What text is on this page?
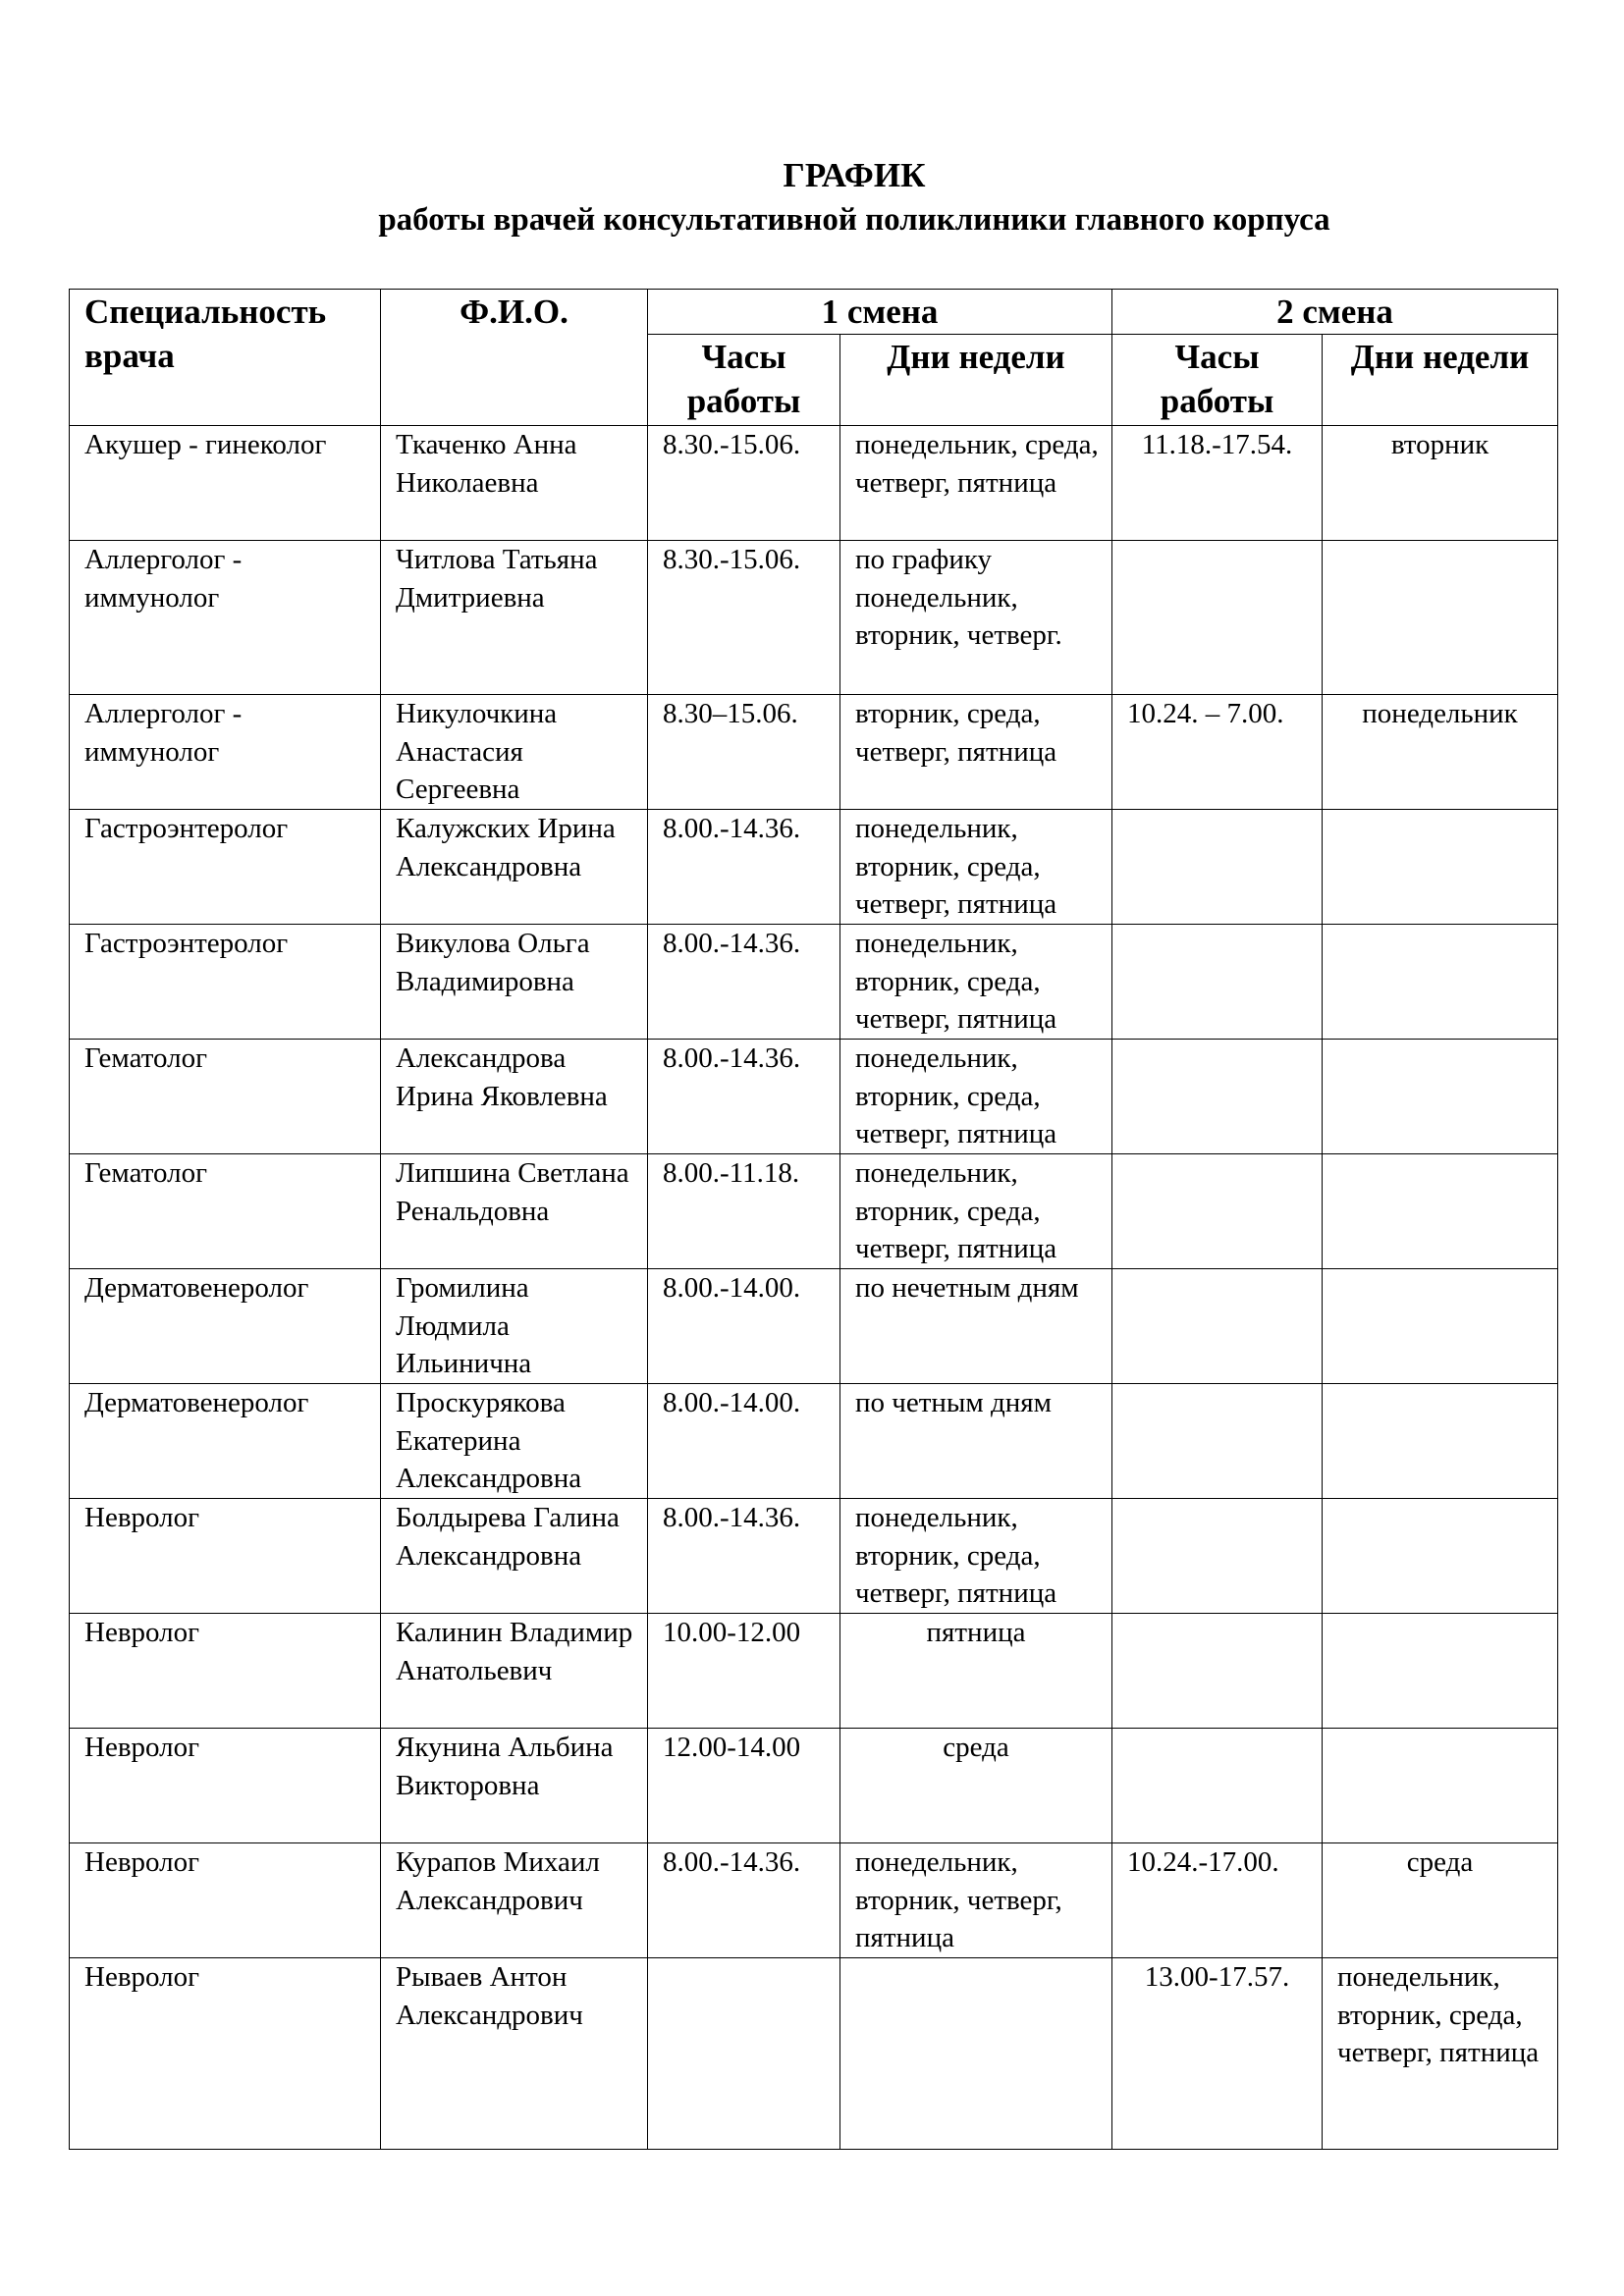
ГРАФИК
работы врачей консультативной поликлиники главного корпуса
Специальность врача	Ф.И.О.	1 смена		2 смена	
		Часы работы	Дни недели	Часы работы	Дни недели
Акушер - гинеколог	Ткаченко Анна Николаевна	8.30.-15.06.	понедельник, среда, четверг, пятница	11.18.-17.54.	вторник
Аллерголог - иммунолог	Читлова Татьяна Дмитриевна	8.30.-15.06.	по графику понедельник, вторник, четверг.		
Аллерголог - иммунолог	Никулочкина Анастасия Сергеевна	8.30–15.06.	вторник, среда, четверг, пятница	10.24. – 7.00.	понедельник
Гастроэнтеролог	Калужских Ирина Александровна	8.00.-14.36.	понедельник, вторник, среда, четверг, пятница		
Гастроэнтеролог	Викулова Ольга Владимировна	8.00.-14.36.	понедельник, вторник, среда, четверг, пятница		
Гематолог	Александрова Ирина Яковлевна	8.00.-14.36.	понедельник, вторник, среда, четверг, пятница		
Гематолог	Липшина Светлана Ренальдовна	8.00.-11.18.	понедельник, вторник, среда, четверг, пятница		
Дерматовенеролог	Громилина Людмила Ильинична	8.00.-14.00.	по нечетным дням		
Дерматовенеролог	Проскурякова Екатерина Александровна	8.00.-14.00.	по четным дням		
Невролог	Болдырева Галина Александровна	8.00.-14.36.	понедельник, вторник, среда, четверг, пятница		
Невролог	Калинин Владимир Анатольевич	10.00-12.00	пятница		
Невролог	Якунина Альбина Викторовна	12.00-14.00	среда		
Невролог	Курапов Михаил Александрович	8.00.-14.36.	понедельник, вторник, четверг, пятница	10.24.-17.00.	среда
Невролог	Рываев Антон Александрович			13.00-17.57.	понедельник, вторник, среда, четверг, пятница
